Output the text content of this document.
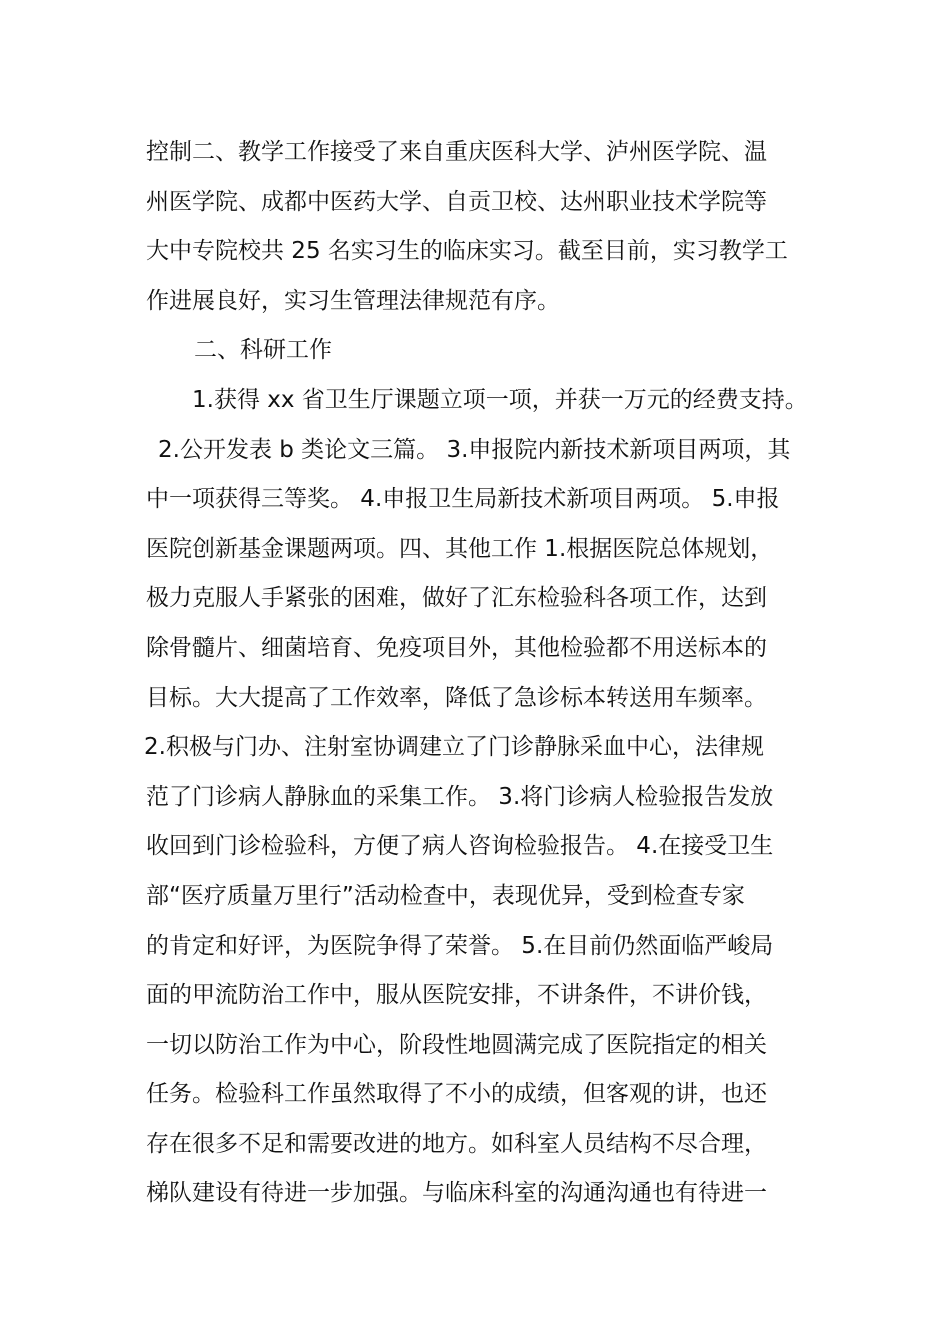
控制二、教学工作接受了来自重庆医科大学、泸州医学院、温
州医学院、成都中医药大学、自贡卫校、达州职业技术学院等
大中专院校共 25 名实习生的临床实习。截至目前，实习教学工
作进展良好，实习生管理法律规范有序。
二、科研工作
1.获得 xx 省卫生厅课题立项一项，并获一万元的经费支持。
2.公开发表 b 类论文三篇。 3.申报院内新技术新项目两项，其
中一项获得三等奖。 4.申报卫生局新技术新项目两项。 5.申报
医院创新基金课题两项。四、其他工作 1.根据医院总体规划，
极力克服人手紧张的困难，做好了汇东检验科各项工作，达到
除骨髓片、细菌培育、免疫项目外，其他检验都不用送标本的
目标。大大提高了工作效率，降低了急诊标本转送用车频率。
2.积极与门办、注射室协调建立了门诊静脉采血中心，法律规
范了门诊病人静脉血的采集工作。 3.将门诊病人检验报告发放
收回到门诊检验科，方便了病人咨询检验报告。 4.在接受卫生
部“医疗质量万里行”活动检查中，表现优异，受到检查专家
的肯定和好评，为医院争得了荣誉。 5.在目前仍然面临严峻局
面的甲流防治工作中，服从医院安排，不讲条件，不讲价钱，
一切以防治工作为中心，阶段性地圆满完成了医院指定的相关
任务。检验科工作虽然取得了不小的成绩，但客观的讲，也还
存在很多不足和需要改进的地方。如科室人员结构不尽合理，
梯队建设有待进一步加强。与临床科室的沟通沟通也有待进一
